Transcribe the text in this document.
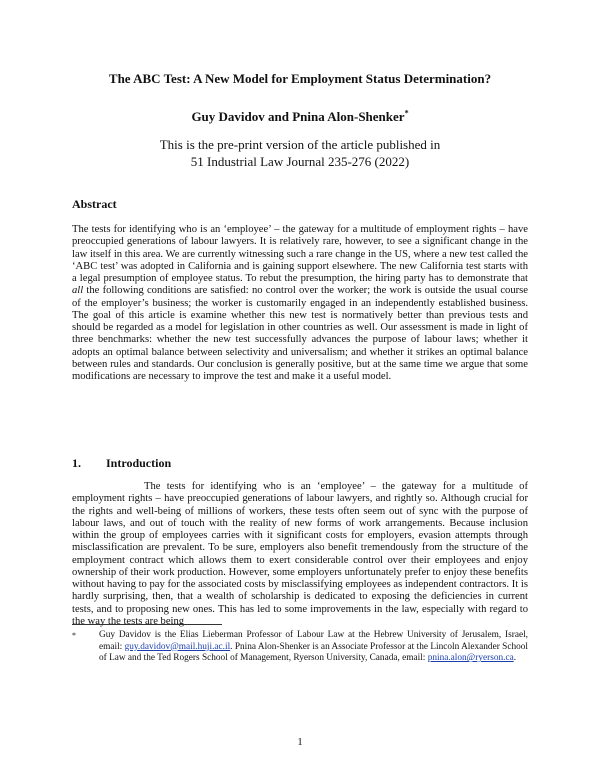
The ABC Test: A New Model for Employment Status Determination?
Guy Davidov and Pnina Alon-Shenker*
This is the pre-print version of the article published in
51 Industrial Law Journal 235-276 (2022)
Abstract
The tests for identifying who is an ‘employee’ – the gateway for a multitude of employment rights – have preoccupied generations of labour lawyers. It is relatively rare, however, to see a significant change in the law itself in this area. We are currently witnessing such a rare change in the US, where a new test called the ‘ABC test’ was adopted in California and is gaining support elsewhere. The new California test starts with a legal presumption of employee status. To rebut the presumption, the hiring party has to demonstrate that all the following conditions are satisfied: no control over the worker; the work is outside the usual course of the employer’s business; the worker is customarily engaged in an independently established business. The goal of this article is examine whether this new test is normatively better than previous tests and should be regarded as a model for legislation in other countries as well. Our assessment is made in light of three benchmarks: whether the new test successfully advances the purpose of labour laws; whether it adopts an optimal balance between selectivity and universalism; and whether it strikes an optimal balance between rules and standards. Our conclusion is generally positive, but at the same time we argue that some modifications are necessary to improve the test and make it a useful model.
1. Introduction
The tests for identifying who is an ‘employee’ – the gateway for a multitude of employment rights – have preoccupied generations of labour lawyers, and rightly so. Although crucial for the rights and well-being of millions of workers, these tests often seem out of sync with the purpose of labour laws, and out of touch with the reality of new forms of work arrangements. Because inclusion within the group of employees carries with it significant costs for employers, evasion attempts through misclassification are prevalent. To be sure, employers also benefit tremendously from the structure of the employment contract which allows them to exert considerable control over their employees and enjoy ownership of their work production. However, some employers unfortunately prefer to enjoy these benefits without having to pay for the associated costs by misclassifying employees as independent contractors. It is hardly surprising, then, that a wealth of scholarship is dedicated to exposing the deficiencies in current tests, and to proposing new ones. This has led to some improvements in the law, especially with regard to the way the tests are being
* Guy Davidov is the Elias Lieberman Professor of Labour Law at the Hebrew University of Jerusalem, Israel, email: guy.davidov@mail.huji.ac.il. Pnina Alon-Shenker is an Associate Professor at the Lincoln Alexander School of Law and the Ted Rogers School of Management, Ryerson University, Canada, email: pnina.alon@ryerson.ca.
1
